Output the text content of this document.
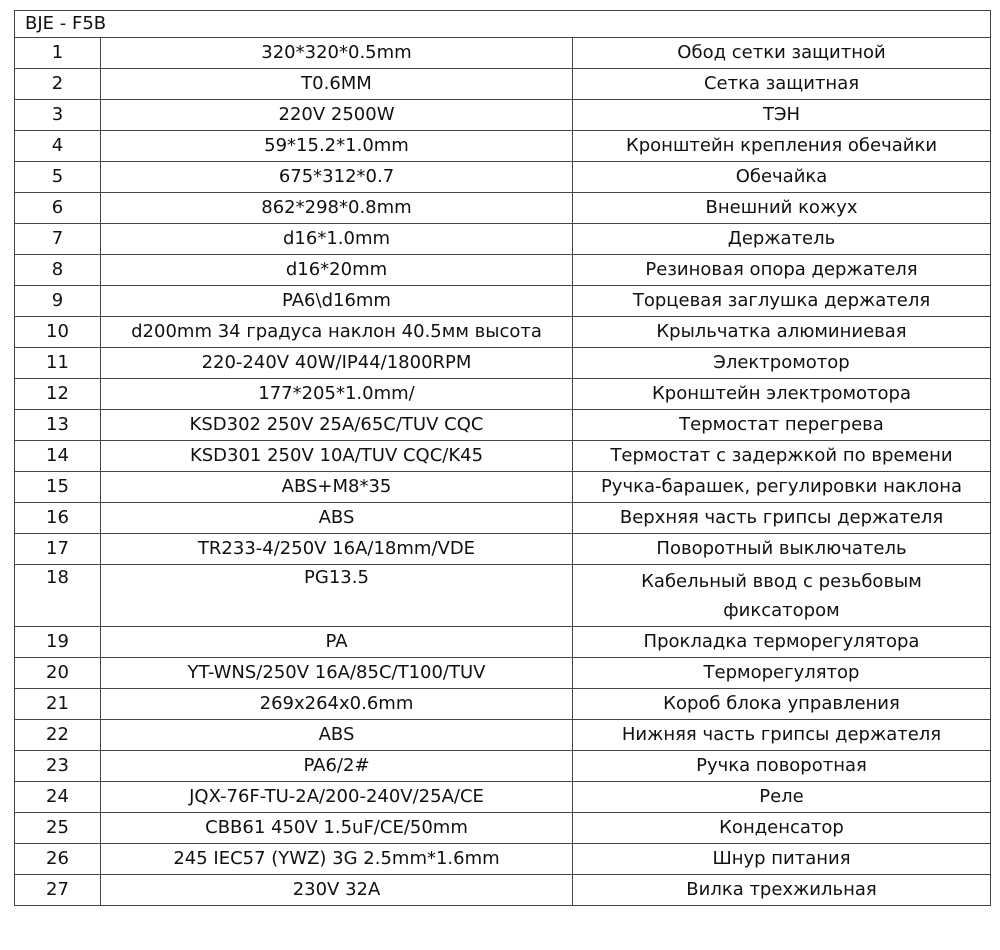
BJE - F5B		
1	320*320*0.5mm	Обод сетки защитной
2	T0.6MM	Сетка защитная
3	220V 2500W	ТЭН
4	59*15.2*1.0mm	Кронштейн крепления обечайки
5	675*312*0.7	Обечайка
6	862*298*0.8mm	Внешний кожух
7	d16*1.0mm	Держатель
8	d16*20mm	Резиновая опора держателя
9	PA6\d16mm	Торцевая заглушка держателя
10	d200mm 34 градуса наклон 40.5мм высота	Крыльчатка алюминиевая
11	220-240V 40W/IP44/1800RPM	Электромотор
12	177*205*1.0mm/	Кронштейн электромотора
13	KSD302 250V 25A/65C/TUV CQC	Термостат перегрева
14	KSD301 250V 10A/TUV CQC/K45	Термостат с задержкой по времени
15	ABS+M8*35	Ручка-барашек, регулировки наклона
16	ABS	Верхняя часть грипсы держателя
17	TR233-4/250V 16A/18mm/VDE	Поворотный выключатель
18	PG13.5	Кабельный ввод с резьбовым фиксатором
19	PA	Прокладка терморегулятора
20	YT-WNS/250V 16A/85C/T100/TUV	Терморегулятор
21	269x264x0.6mm	Короб блока управления
22	ABS	Нижняя часть грипсы держателя
23	PA6/2#	Ручка поворотная
24	JQX-76F-TU-2A/200-240V/25A/CE	Реле
25	CBB61 450V 1.5uF/CE/50mm	Конденсатор
26	245 IEC57 (YWZ) 3G 2.5mm*1.6mm	Шнур питания
27	230V 32A	Вилка трехжильная
